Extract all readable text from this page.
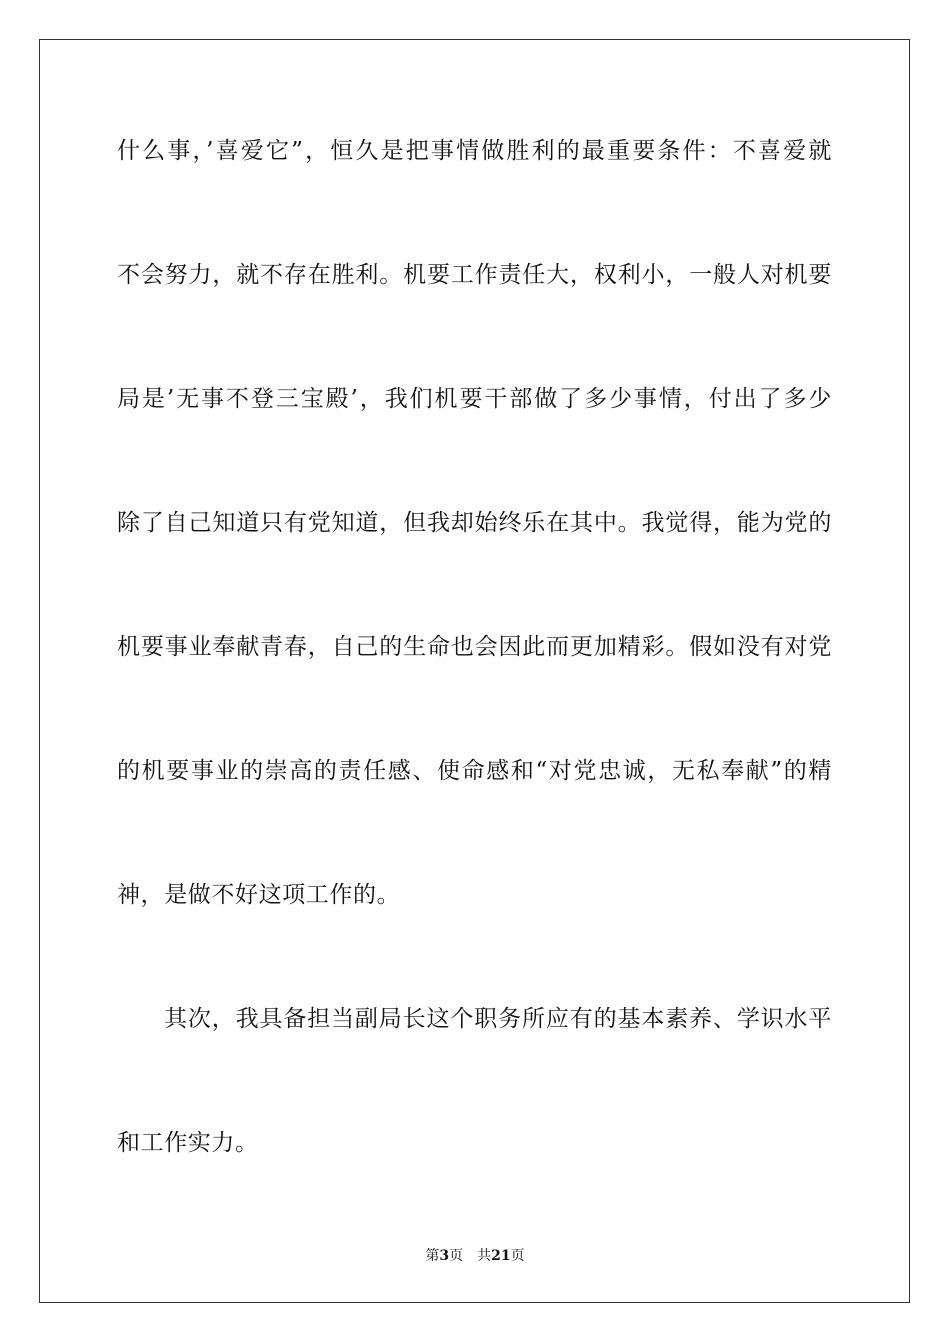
什么事，’喜爱它”，恒久是把事情做胜利的最重要条件：不喜爱就
不会努力，就不存在胜利。机要工作责任大，权利小，一般人对机要
局是’无事不登三宝殿’，我们机要干部做了多少事情，付出了多少
除了自己知道只有党知道，但我却始终乐在其中。我觉得，能为党的
机要事业奉献青春，自己的生命也会因此而更加精彩。假如没有对党
的机要事业的崇高的责任感、使命感和“对党忠诚，无私奉献”的精
神，是做不好这项工作的。
其次，我具备担当副局长这个职务所应有的基本素养、学识水平
和工作实力。
第3页 共21页
